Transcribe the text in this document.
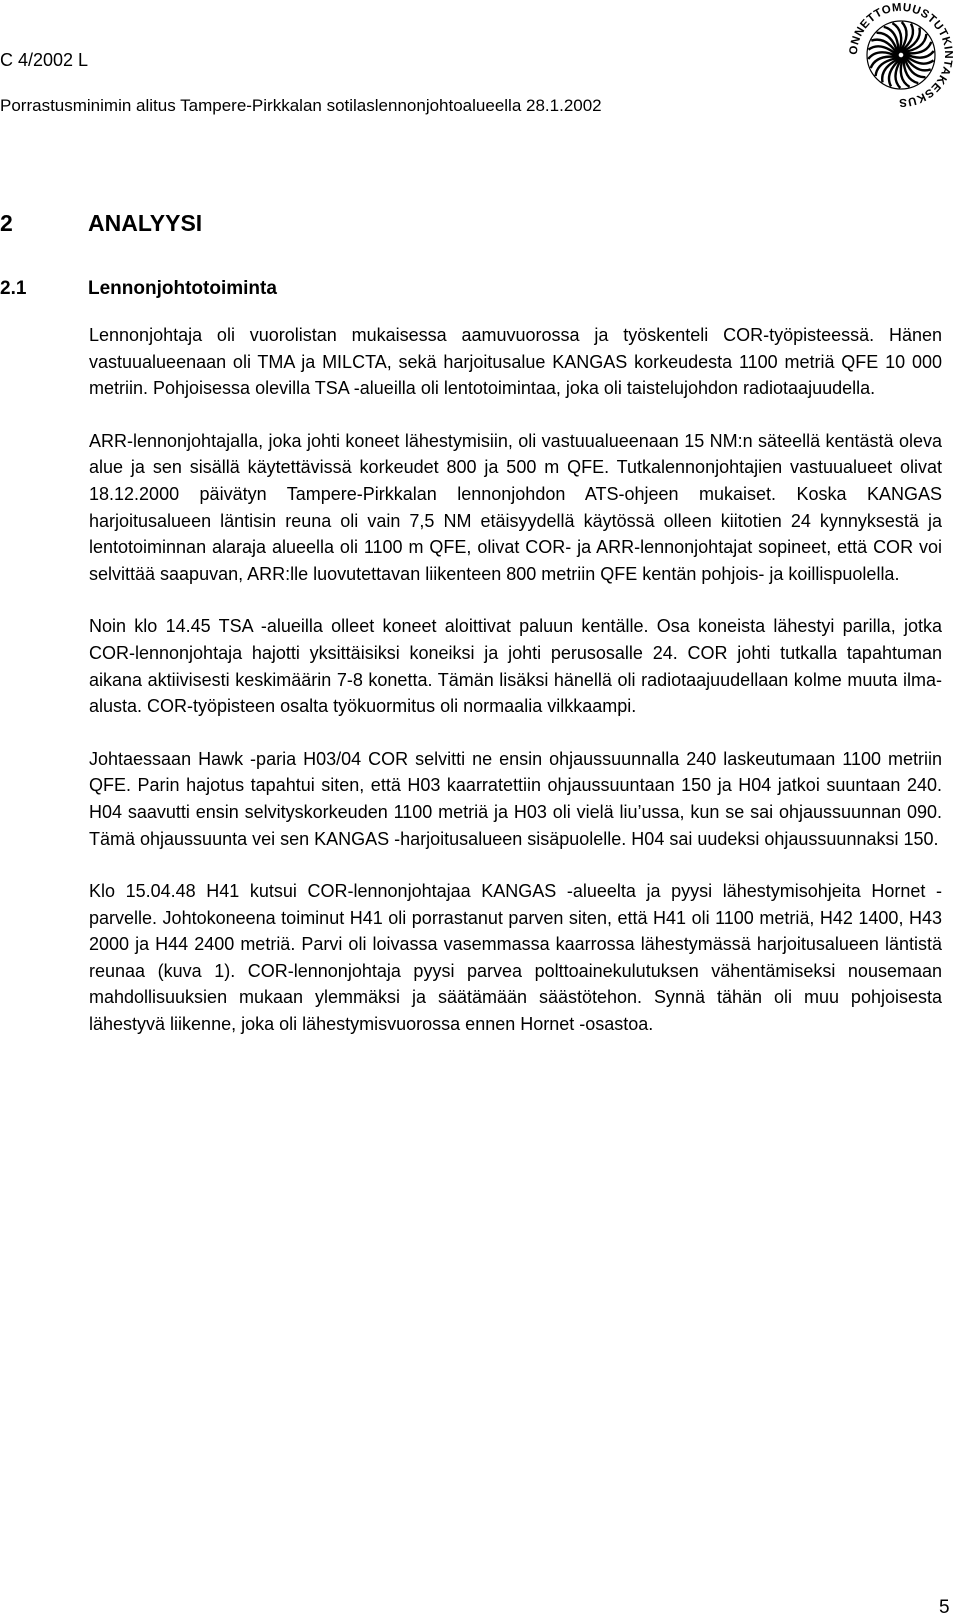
C 4/2002 L
Porrastusminimin alitus Tampere-Pirkkalan sotilaslennonjohtoalueella 28.1.2002
ONNETTOMUUSTUTKINTAKESKUS
2	ANALYYSI
2.1	Lennonjohtotoiminta

Lennonjohtaja oli vuorolistan mukaisessa aamuvuorossa ja työskenteli COR-työpisteessä. Hänen vastuualueenaan oli TMA ja MILCTA, sekä harjoitusalue KANGAS korkeudesta 1100 metriä QFE 10 000 metriin. Pohjoisessa olevilla TSA -alueilla oli lentotoimintaa, joka oli taistelujohdon radiotaajuudella.

ARR-lennonjohtajalla, joka johti koneet lähestymisiin, oli vastuualueenaan 15 NM:n säteellä kentästä oleva alue ja sen sisällä käytettävissä korkeudet 800 ja 500 m QFE. Tutkalennonjohtajien vastuualueet olivat 18.12.2000 päivätyn Tampere-Pirkkalan lennonjohdon ATS-ohjeen mukaiset. Koska KANGAS harjoitusalueen läntisin reuna oli vain 7,5 NM etäisyydellä käytössä olleen kiitotien 24 kynnyksestä ja lentotoiminnan alaraja alueella oli 1100 m QFE, olivat COR- ja ARR-lennonjohtajat sopineet, että COR voi selvittää saapuvan, ARR:lle luovutettavan liikenteen 800 metriin QFE kentän pohjois- ja koillispuolella.

Noin klo 14.45 TSA -alueilla olleet koneet aloittivat paluun kentälle. Osa koneista lähestyi parilla, jotka COR-lennonjohtaja hajotti yksittäisiksi koneiksi ja johti perusosalle 24. COR johti tutkalla tapahtuman aikana aktiivisesti keskimäärin 7-8 konetta. Tämän lisäksi hänellä oli radiotaajuudellaan kolme muuta ilma-alusta. COR-työpisteen osalta työkuormitus oli normaalia vilkkaampi.

Johtaessaan Hawk -paria H03/04 COR selvitti ne ensin ohjaussuunnalla 240 laskeutumaan 1100 metriin QFE. Parin hajotus tapahtui siten, että H03 kaarratettiin ohjaussuuntaan 150 ja H04 jatkoi suuntaan 240. H04 saavutti ensin selvityskorkeuden 1100 metriä ja H03 oli vielä liu’ussa, kun se sai ohjaussuunnan 090. Tämä ohjaussuunta vei sen KANGAS -harjoitusalueen sisäpuolelle. H04 sai uudeksi ohjaussuunnaksi 150.

Klo 15.04.48 H41 kutsui COR-lennonjohtajaa KANGAS -alueelta ja pyysi lähestymisohjeita Hornet -parvelle. Johtokoneena toiminut H41 oli porrastanut parven siten, että H41 oli 1100 metriä, H42 1400, H43 2000 ja H44 2400 metriä. Parvi oli loivassa vasemmassa kaarrossa lähestymässä harjoitusalueen läntistä reunaa (kuva 1). COR-lennonjohtaja pyysi parvea polttoainekulutuksen vähentämiseksi nousemaan mahdollisuuksien mukaan ylemmäksi ja säätämään säästötehon. Synnä tähän oli muu pohjoisesta lähestyvä liikenne, joka oli lähestymisvuorossa ennen Hornet -osastoa.

5
